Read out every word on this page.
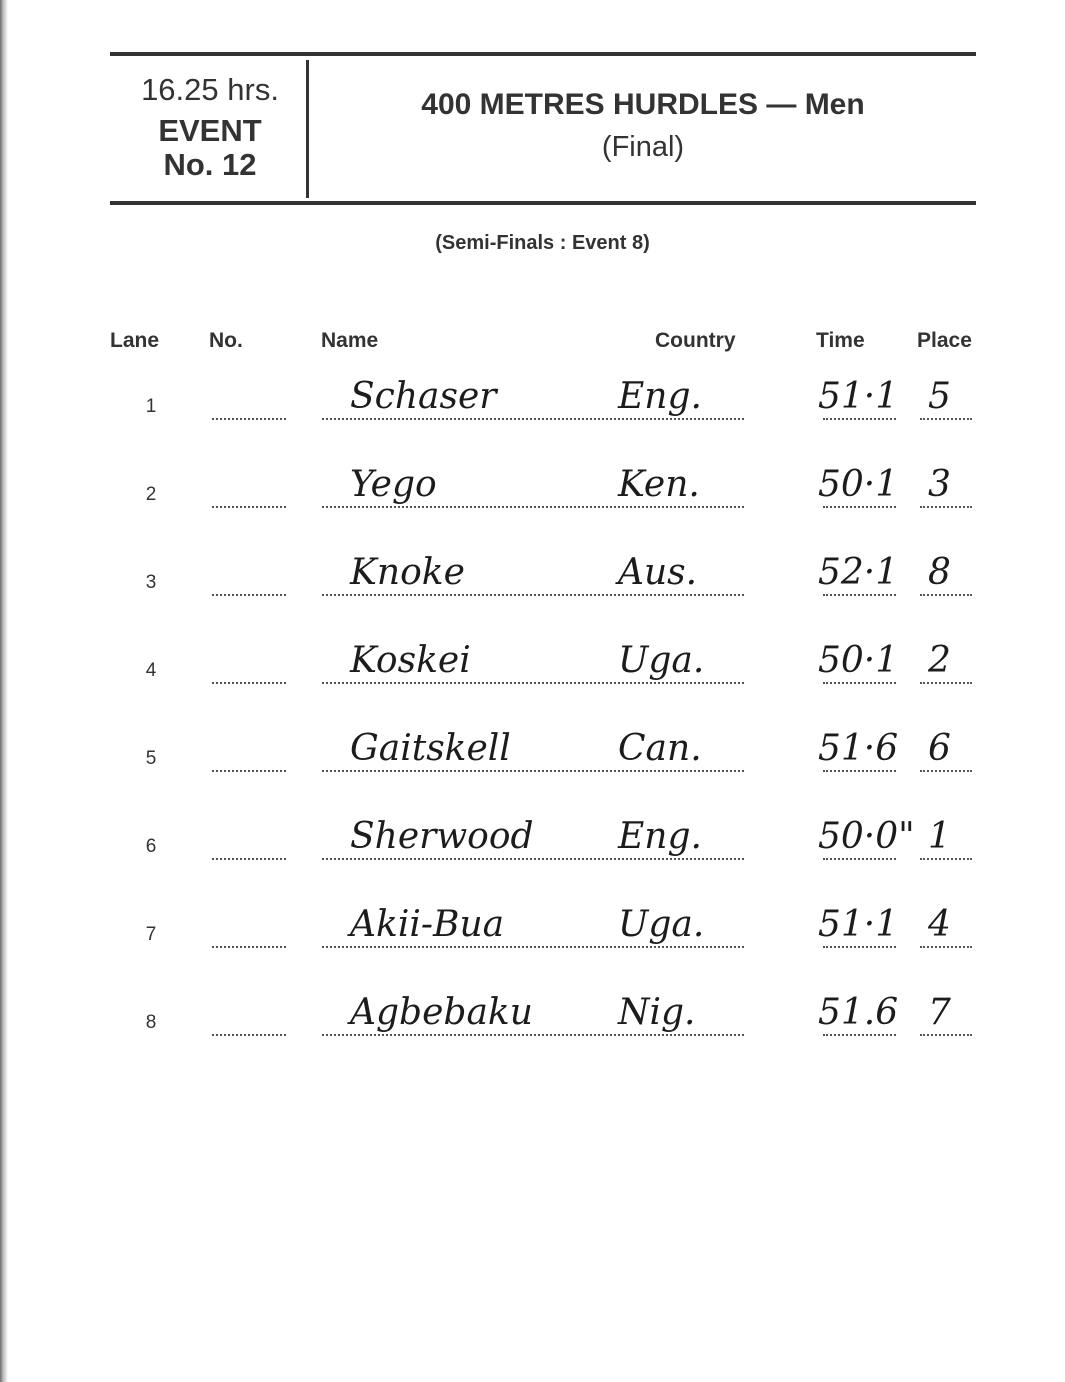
16.25 hrs.
EVENT
No. 12
400 METRES HURDLES — Men
(Final)
(Semi-Finals : Event 8)
Lane No.	Name	Country	Time Place
1	Schaser	Eng.	51·1 5
2	Yego	Ken.	50·1 3
3	Knoke	Aus.	52·1 8
4	Koskei	Uga.	50·1 2
5	Gaitskell	Can.	51·6 6
6	Sherwood Eng.	50·0" 1
7	Akii-Bua	Uga.	51·1 4
8	Agbebaku Nig.	51.6 7
